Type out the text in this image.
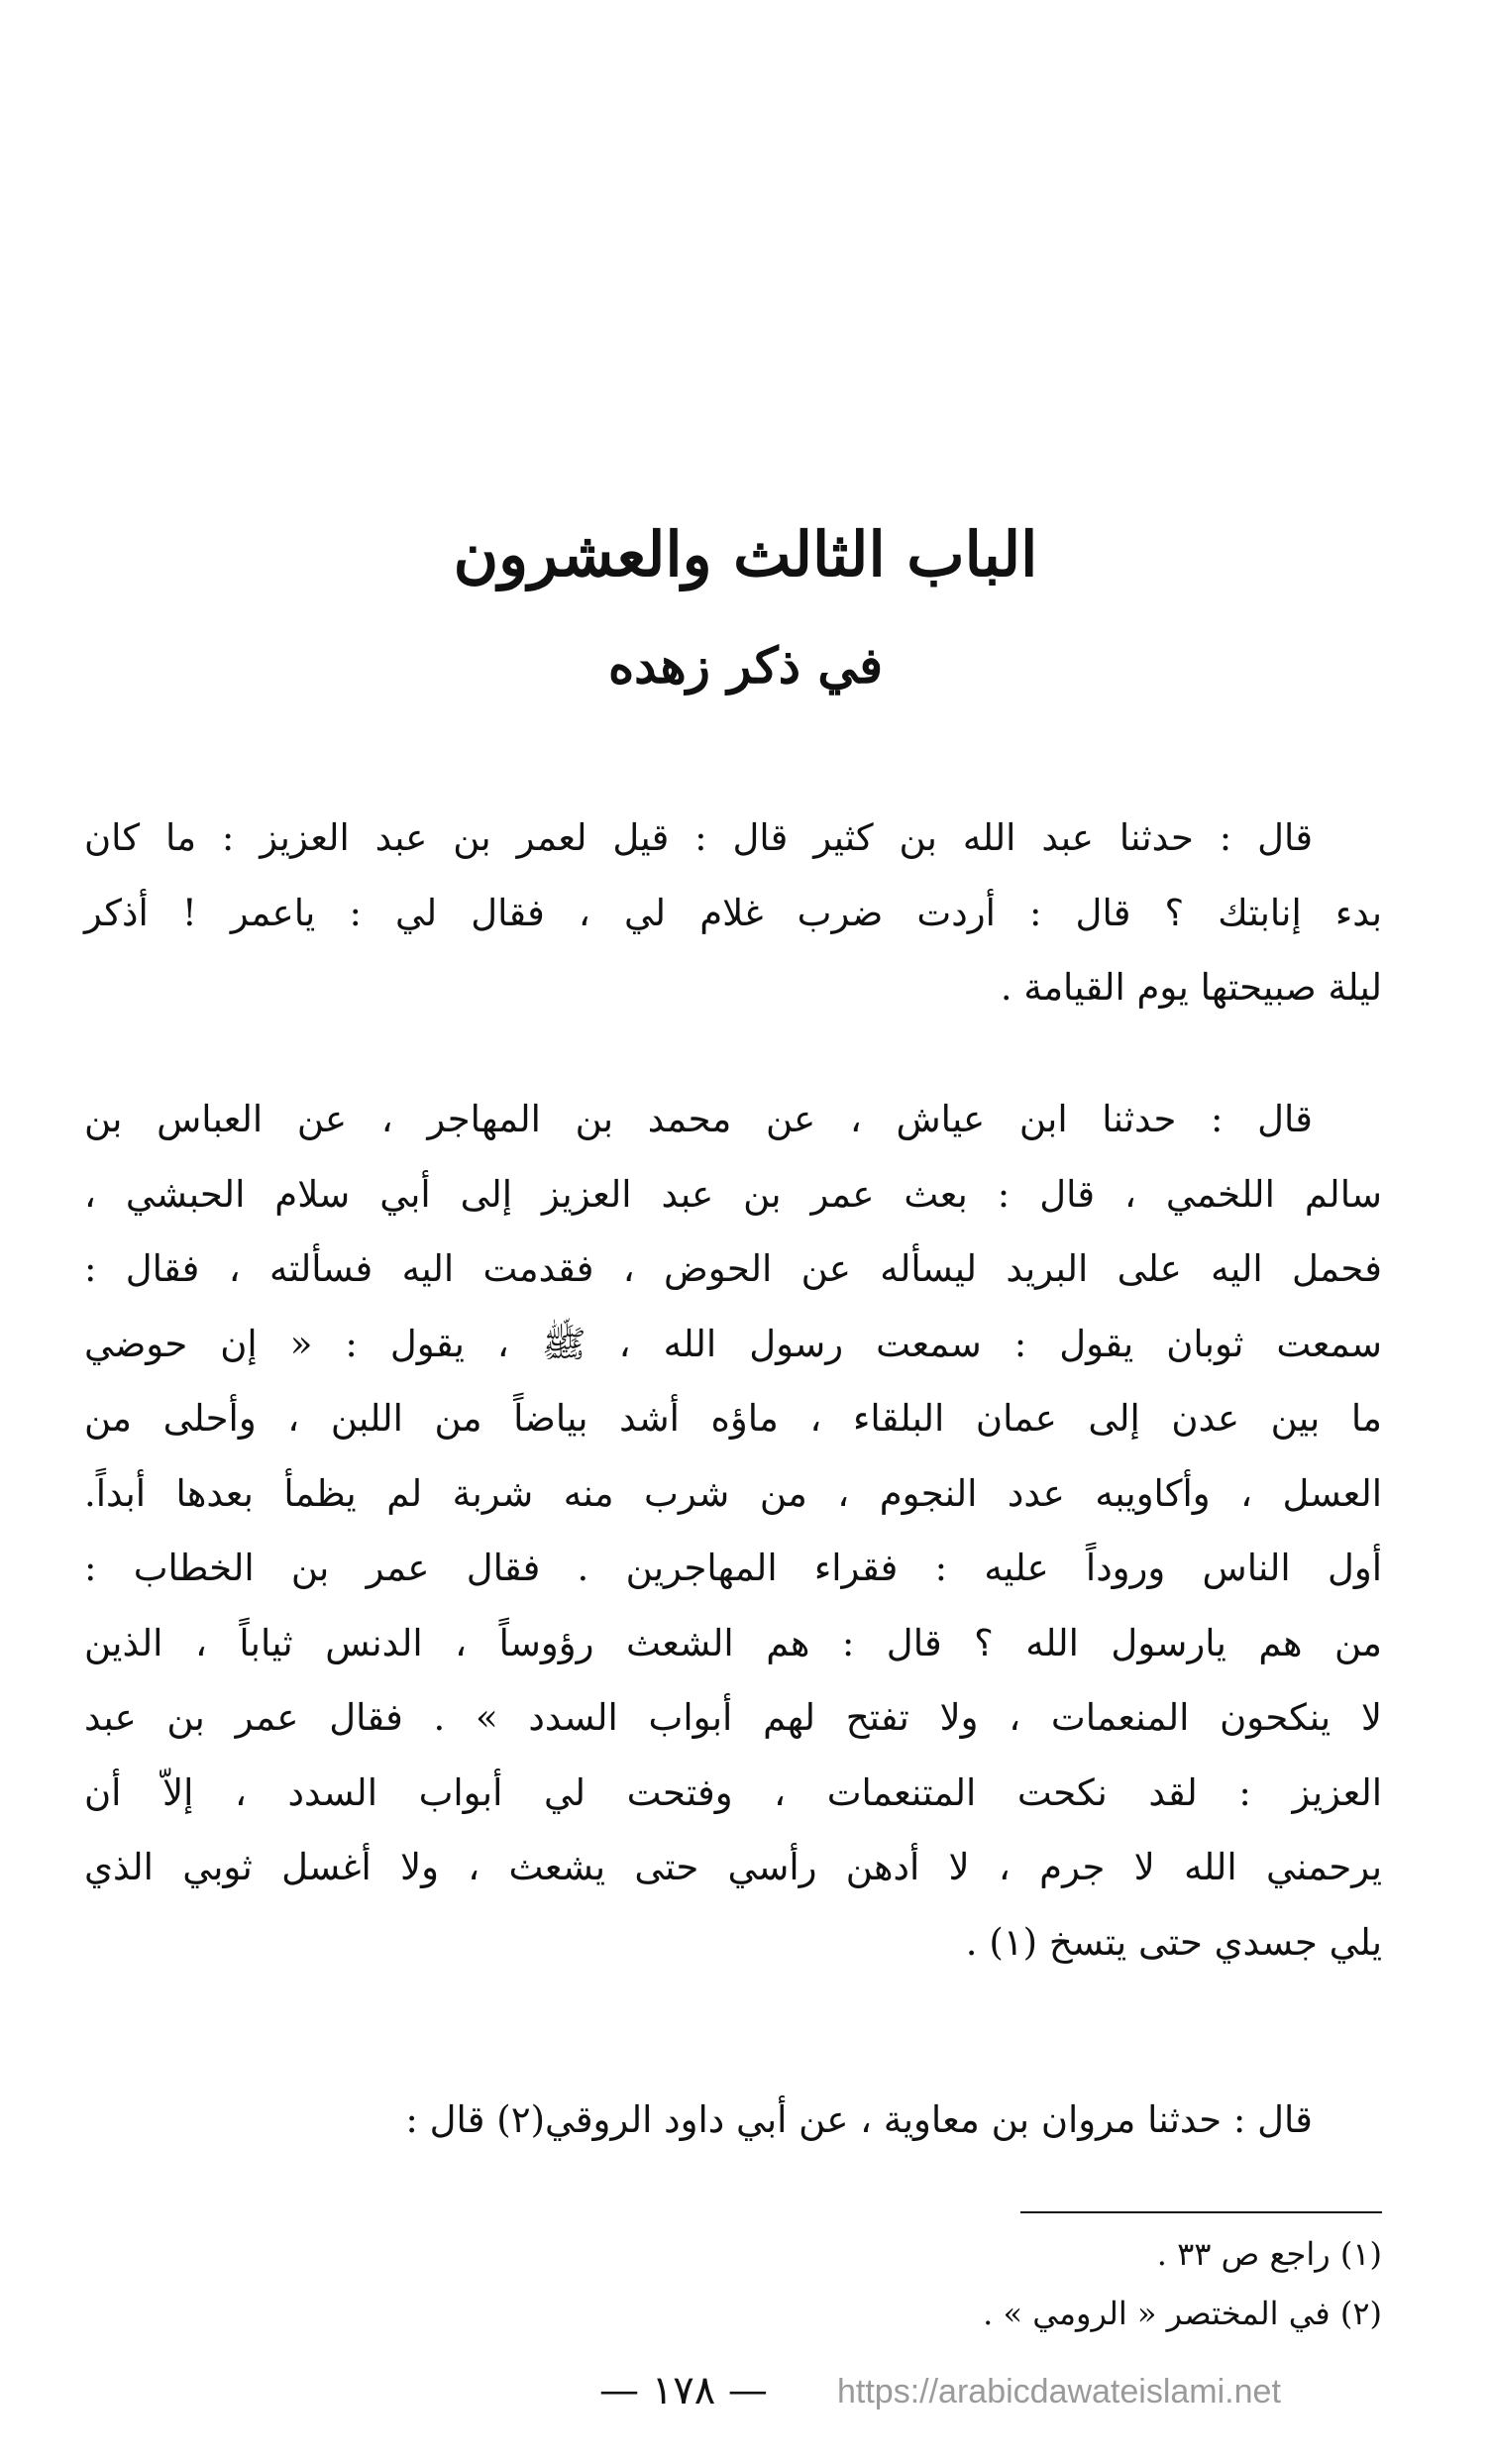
الباب الثالث والعشرون
في ذكر زهده

قال : حدثنا عبد الله بن كثير قال : قيل لعمر بن عبد العزيز : ما كان
بدء إنابتك ؟ قال : أردت ضرب غلام لي ، فقال لي : ياعمر ! أذكر
ليلة صبيحتها يوم القيامة .

قال : حدثنا ابن عياش ، عن محمد بن المهاجر ، عن العباس بن
سالم اللخمي ، قال : بعث عمر بن عبد العزيز إلى أبي سلام الحبشي ،
فحمل اليه على البريد ليسأله عن الحوض ، فقدمت اليه فسألته ، فقال :
سمعت ثوبان يقول : سمعت رسول الله ، ﷺ ، يقول : « إن حوضي
ما بين عدن إلى عمان البلقاء ، ماؤه أشد بياضاً من اللبن ، وأحلى من
العسل ، وأكاويبه عدد النجوم ، من شرب منه شربة لم يظمأ بعدها أبداً.
أول الناس وروداً عليه : فقراء المهاجرين . فقال عمر بن الخطاب :
من هم يارسول الله ؟ قال : هم الشعث رؤوساً ، الدنس ثياباً ، الذين
لا ينكحون المنعمات ، ولا تفتح لهم أبواب السدد » . فقال عمر بن عبد
العزيز : لقد نكحت المتنعمات ، وفتحت لي أبواب السدد ، إلاّ أن
يرحمني الله لا جرم ، لا أدهن رأسي حتى يشعث ، ولا أغسل ثوبي الذي
يلي جسدي حتى يتسخ (١) .

قال : حدثنا مروان بن معاوية ، عن أبي داود الروقي(٢) قال :

(١) راجع ص ٣٣ .
(٢) في المختصر « الرومي » .
— ١٧٨ —	https://arabicdawateislami.net
